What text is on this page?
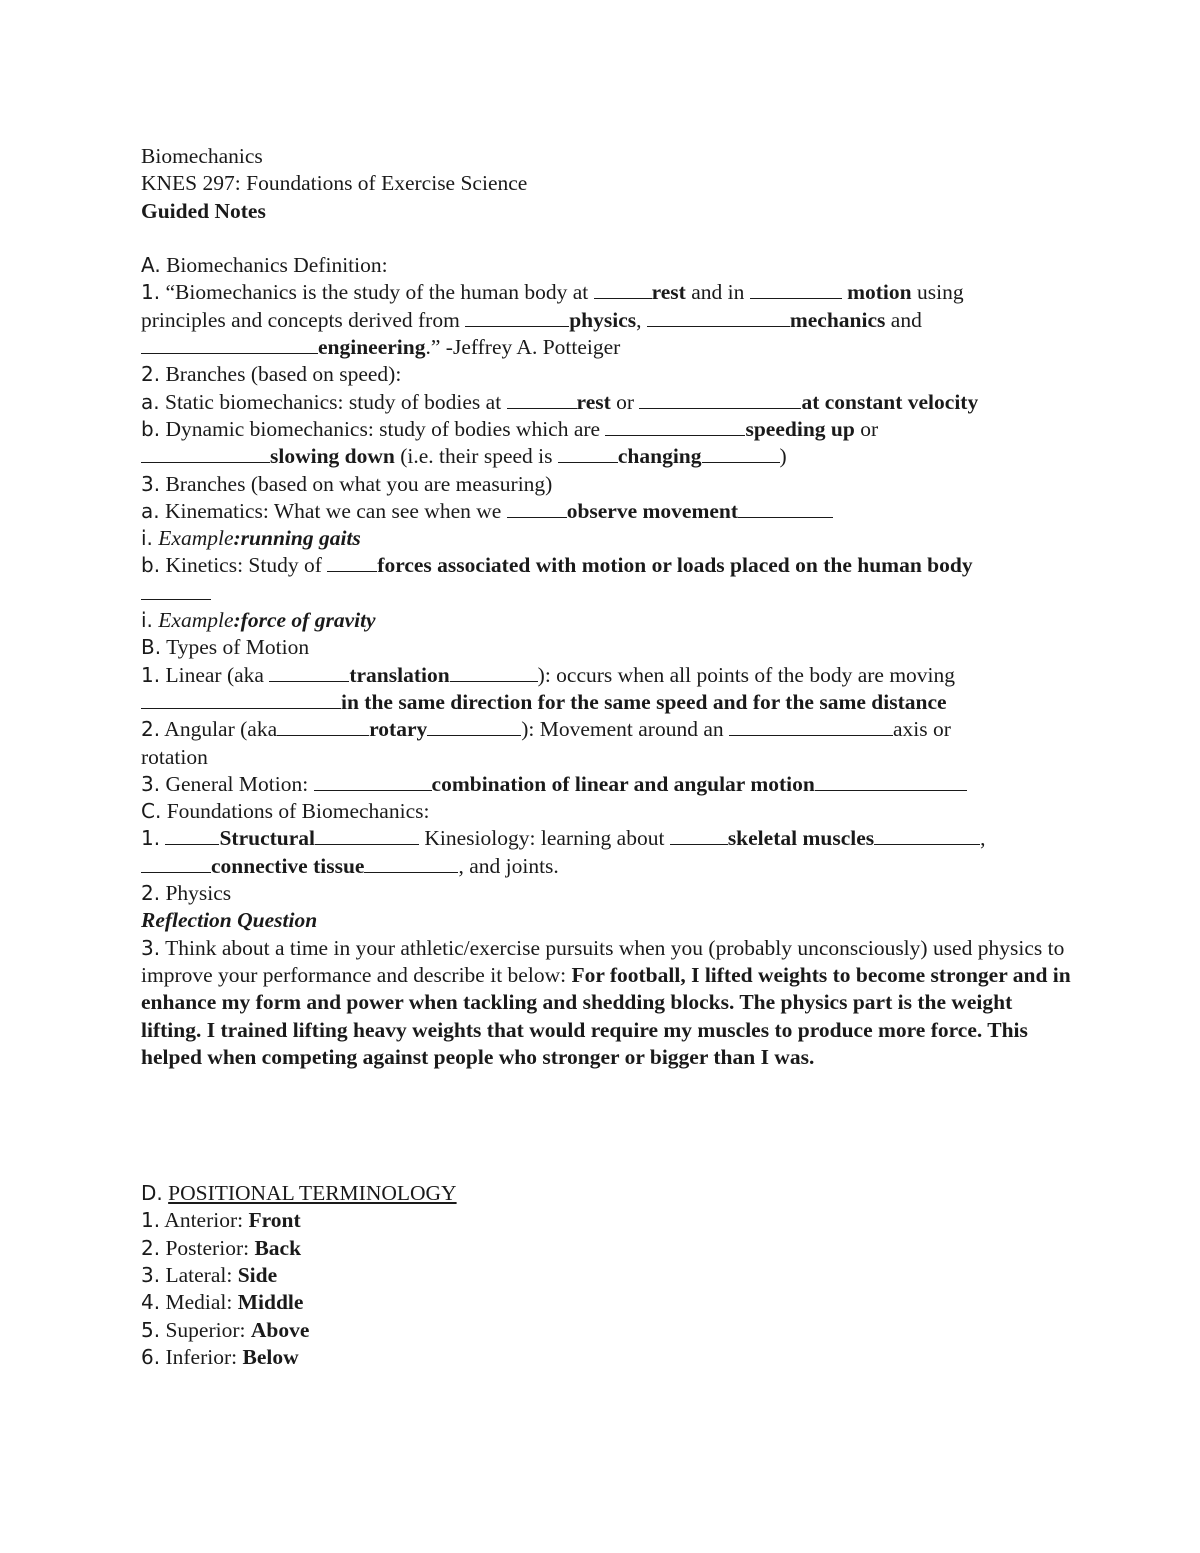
Biomechanics
KNES 297: Foundations of Exercise Science
Guided Notes
A. Biomechanics Definition:
1. “Biomechanics is the study of the human body at	rest and in	motion using
principles and concepts derived from	physics,	mechanics and
engineering.” -Jeffrey A. Potteiger
2. Branches (based on speed):
a. Static biomechanics: study of bodies at	rest or	at constant velocity
b. Dynamic biomechanics: study of bodies which are	speeding up or
slowing down (i.e. their speed is	changing	)
3. Branches (based on what you are measuring)
a. Kinematics: What we can see when we	observe movement
i. Example:running gaits
b. Kinetics: Study of forces associated with motion or loads placed on the human body
i. Example:force of gravity
B. Types of Motion
1. Linear (aka	translation	): occurs when all points of the body are moving
in the same direction for the same speed and for the same distance
2. Angular (aka	rotary	): Movement around an	axis or
rotation
3. General Motion:	combination of linear and angular motion
C. Foundations of Biomechanics:
1.	Structural	Kinesiology: learning about	skeletal muscles	,
connective tissue	, and joints.
2. Physics
Reflection Question
3. Think about a time in your athletic/exercise pursuits when you (probably unconsciously) used physics to improve your performance and describe it below: For football, I lifted weights to become stronger and in enhance my form and power when tackling and shedding blocks. The physics part is the weight lifting. I trained lifting heavy weights that would require my muscles to produce more force. This helped when competing against people who stronger or bigger than I was.
D. POSITIONAL TERMINOLOGY
1. Anterior: Front
2. Posterior: Back
3. Lateral: Side
4. Medial: Middle
5. Superior: Above
6. Inferior: Below
